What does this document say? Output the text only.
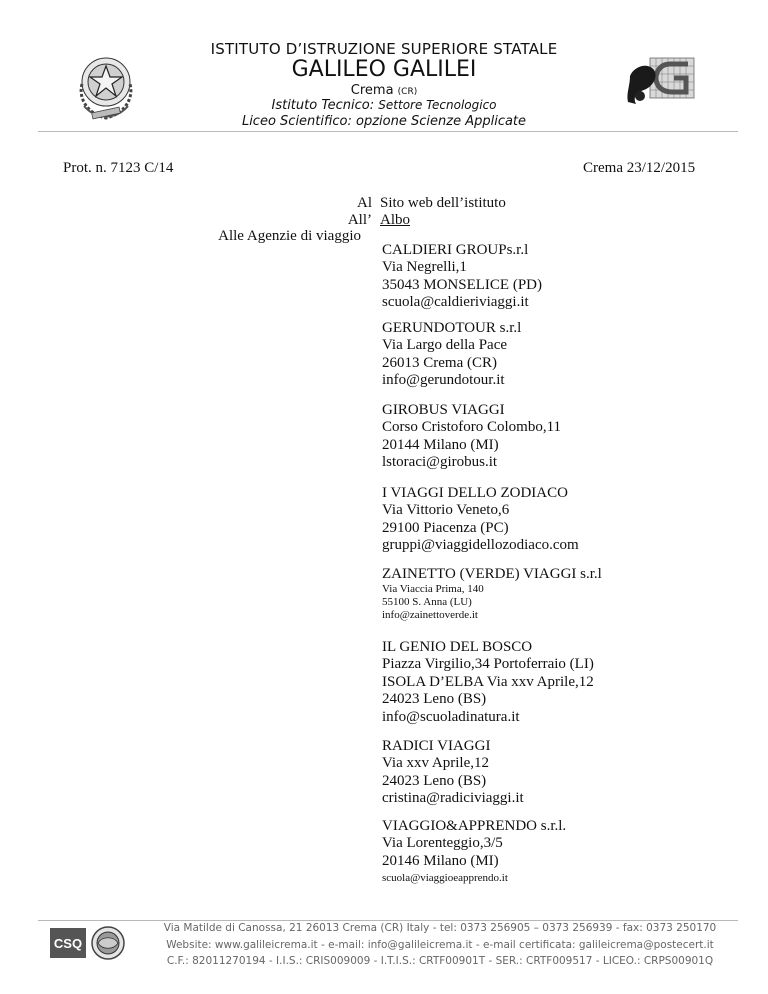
ISTITUTO D’ISTRUZIONE SUPERIORE STATALE
GALILEO GALILEI
Crema (CR)
Istituto Tecnico: Settore Tecnologico
Liceo Scientifico: opzione Scienze Applicate
Prot. n. 7123 C/14	Crema 23/12/2015
Al Sito web dell’istituto
All’ Albo
Alle Agenzie di viaggio
CALDIERI GROUPs.r.l
Via Negrelli,1
35043 MONSELICE (PD)
scuola@caldieriviaggi.it
GERUNDOTOUR s.r.l
Via Largo della Pace
26013 Crema (CR)
info@gerundotour.it
GIROBUS VIAGGI
Corso Cristoforo Colombo,11
20144 Milano (MI)
lstoraci@girobus.it
I VIAGGI DELLO ZODIACO
Via Vittorio Veneto,6
29100 Piacenza (PC)
gruppi@viaggidellozodiaco.com
ZAINETTO (VERDE) VIAGGI s.r.l
Via Viaccia Prima, 140
55100 S. Anna (LU)
info@zainettoverde.it
IL GENIO DEL BOSCO
Piazza Virgilio,34 Portoferraio (LI)
ISOLA D’ELBA Via xxv Aprile,12
24023 Leno (BS)
info@scuoladinatura.it
RADICI VIAGGI
Via xxv Aprile,12
24023 Leno (BS)
cristina@radiciviaggi.it
VIAGGIO&APPRENDO s.r.l.
Via Lorenteggio,3/5
20146 Milano (MI)
scuola@viaggioeapprendo.it
CSQ
Via Matilde di Canossa, 21 26013 Crema (CR) Italy - tel: 0373 256905 – 0373 256939 - fax: 0373 250170
Website: www.galileicrema.it - e-mail: info@galileicrema.it - e-mail certificata: galileicrema@postecert.it
C.F.: 82011270194 - I.I.S.: CRIS009009 - I.T.I.S.: CRTF00901T - SER.: CRTF009517 - LICEO.: CRPS00901Q
